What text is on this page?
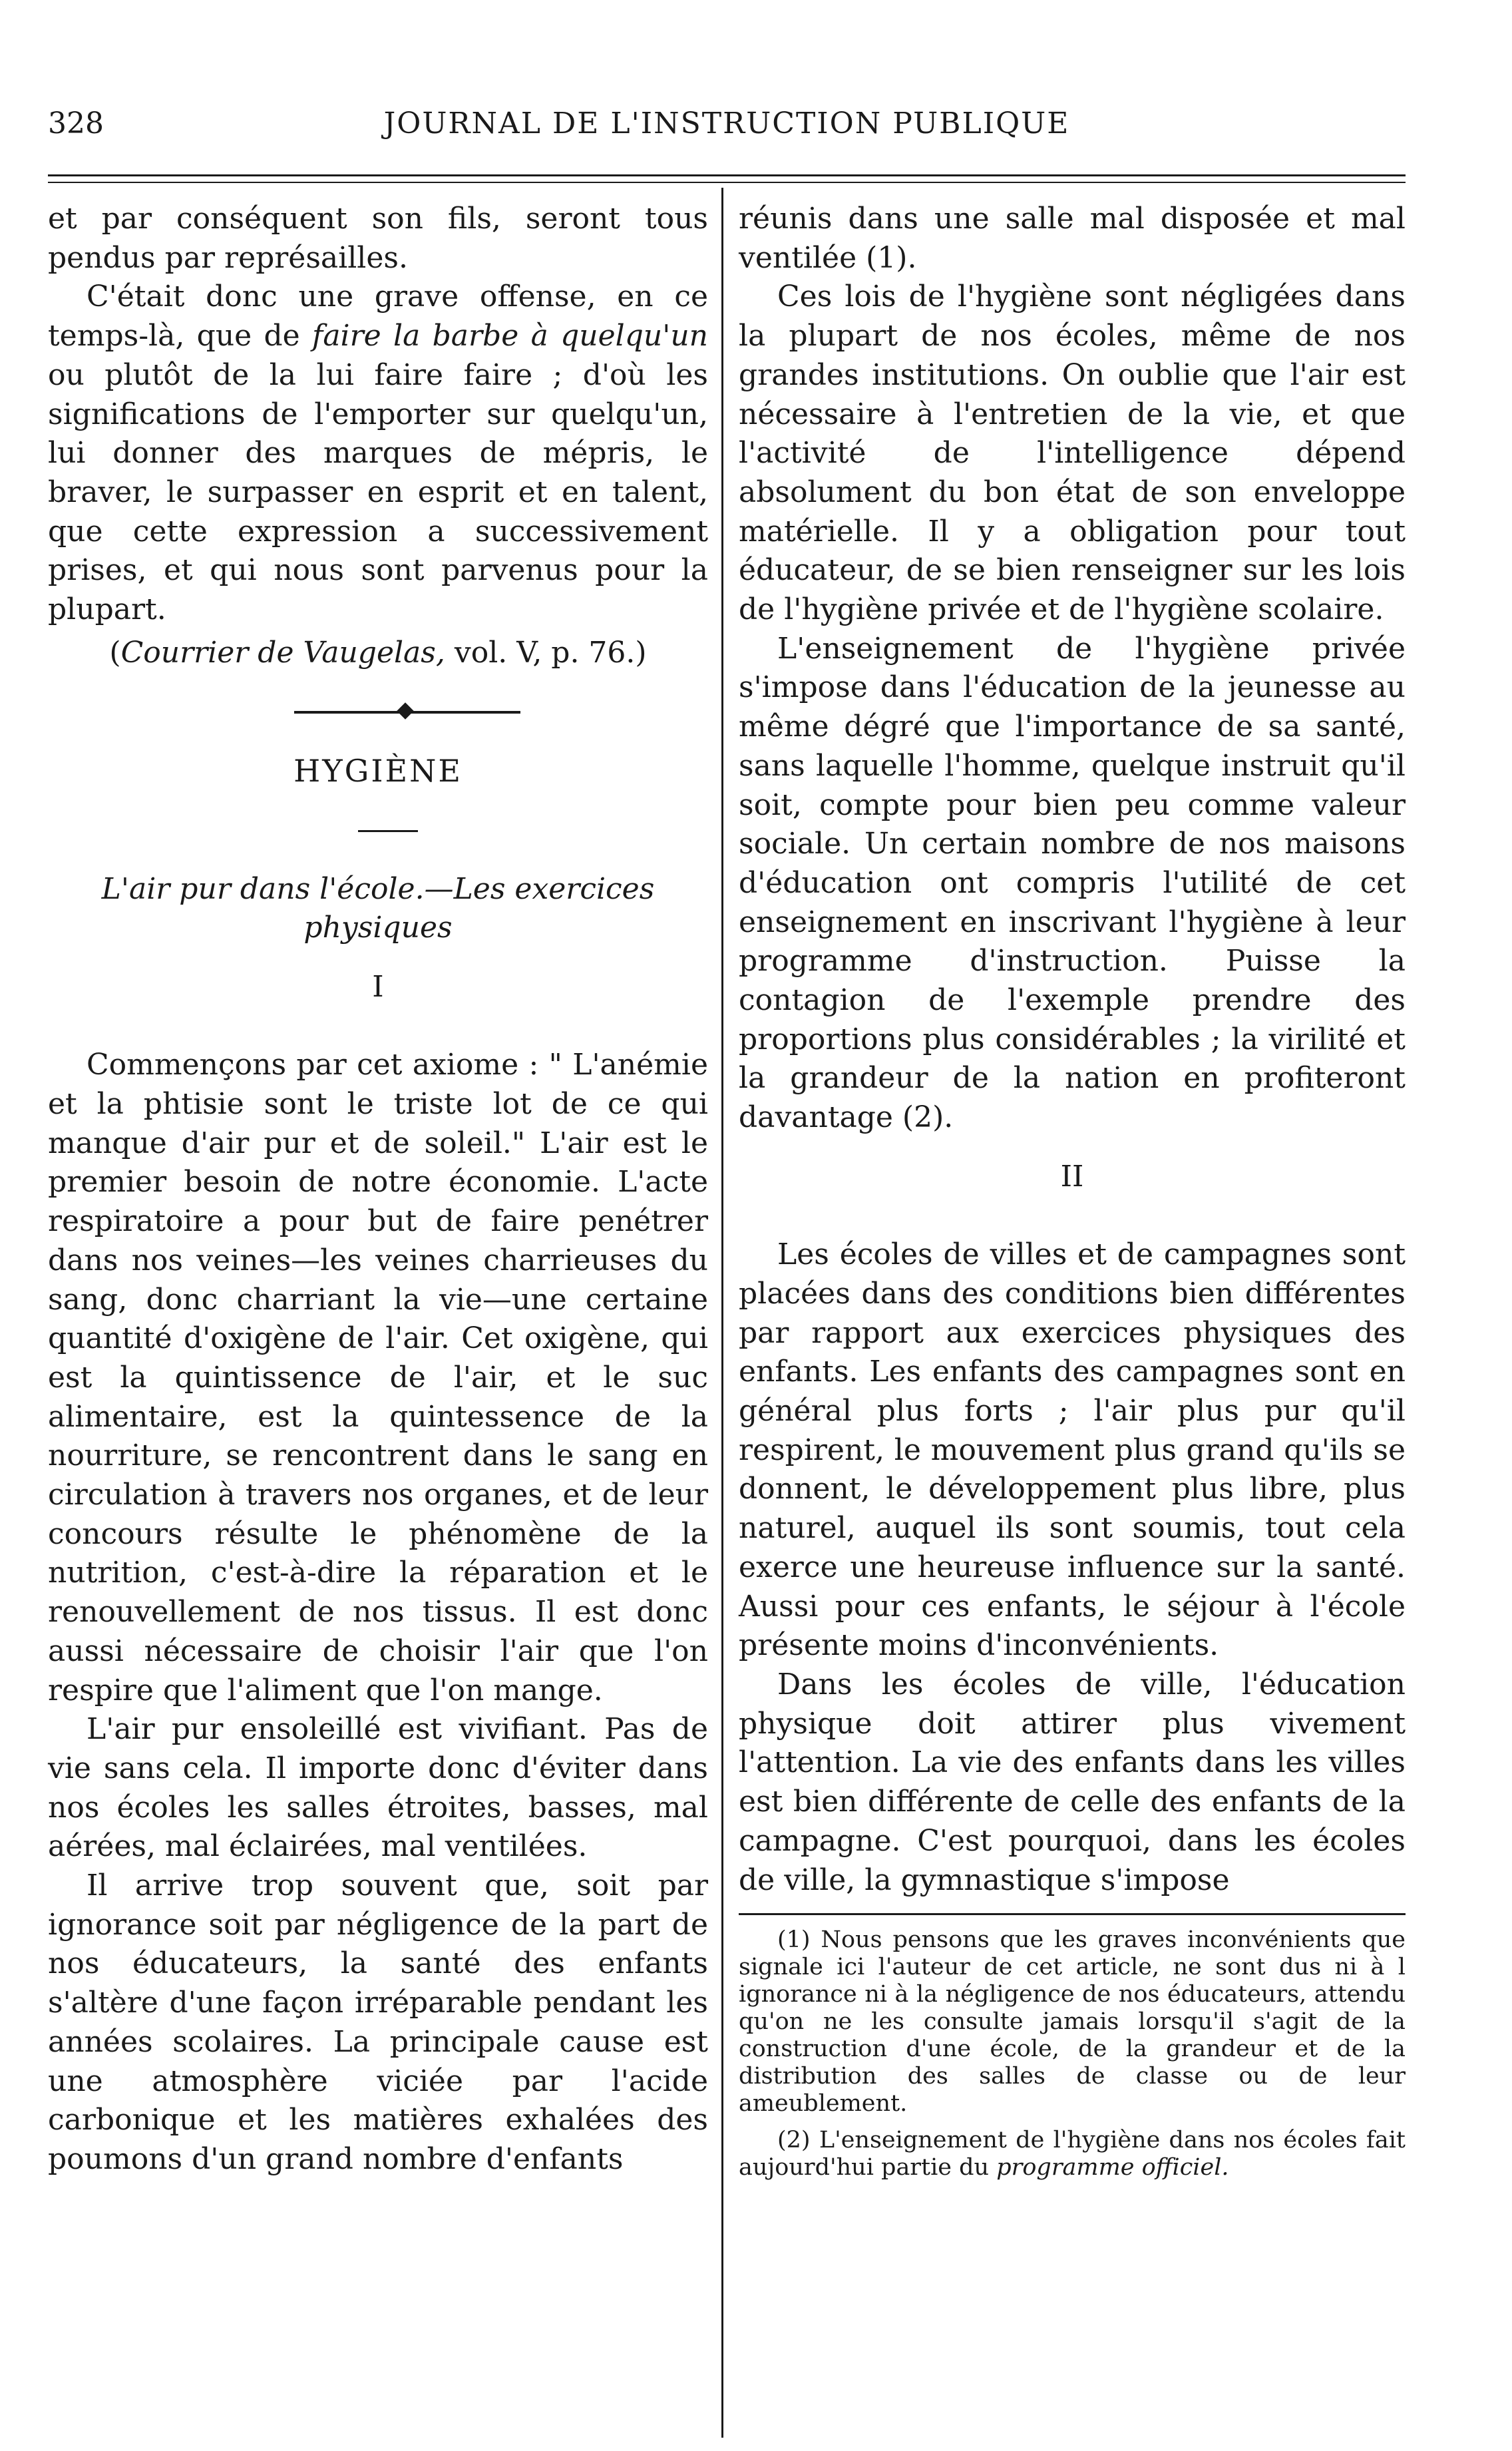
328	JOURNAL DE L'INSTRUCTION PUBLIQUE

et par conséquent son fils, seront tous pendus par représailles.

C'était donc une grave offense, en ce temps-là, que de faire la barbe à quelqu'un ou plutôt de la lui faire faire ; d'où les significations de l'emporter sur quelqu'un, lui donner des marques de mépris, le braver, le surpasser en esprit et en talent, que cette expression a successivement prises, et qui nous sont parvenus pour la plupart.

(Courrier de Vaugelas, vol. V, p. 76.)

HYGIÈNE

L'air pur dans l'école.—Les exercices physiques

I

Commençons par cet axiome : " L'anémie et la phtisie sont le triste lot de ce qui manque d'air pur et de soleil." L'air est le premier besoin de notre économie. L'acte respiratoire a pour but de faire penétrer dans nos veines—les veines charrieuses du sang, donc charriant la vie—une certaine quantité d'oxigène de l'air. Cet oxigène, qui est la quintissence de l'air, et le suc alimentaire, est la quintessence de la nourriture, se rencontrent dans le sang en circulation à travers nos organes, et de leur concours résulte le phénomène de la nutrition, c'est-à-dire la réparation et le renouvellement de nos tissus. Il est donc aussi nécessaire de choisir l'air que l'on respire que l'aliment que l'on mange.

L'air pur ensoleillé est vivifiant. Pas de vie sans cela. Il importe donc d'éviter dans nos écoles les salles étroites, basses, mal aérées, mal éclairées, mal ventilées.

Il arrive trop souvent que, soit par ignorance soit par négligence de la part de nos éducateurs, la santé des enfants s'altère d'une façon irréparable pendant les années scolaires. La principale cause est une atmosphère viciée par l'acide carbonique et les matières exhalées des poumons d'un grand nombre d'enfants

réunis dans une salle mal disposée et mal ventilée (1).

Ces lois de l'hygiène sont négligées dans la plupart de nos écoles, même de nos grandes institutions. On oublie que l'air est nécessaire à l'entretien de la vie, et que l'activité de l'intelligence dépend absolument du bon état de son enveloppe matérielle. Il y a obligation pour tout éducateur, de se bien renseigner sur les lois de l'hygiène privée et de l'hygiène scolaire.

L'enseignement de l'hygiène privée s'impose dans l'éducation de la jeunesse au même dégré que l'importance de sa santé, sans laquelle l'homme, quelque instruit qu'il soit, compte pour bien peu comme valeur sociale. Un certain nombre de nos maisons d'éducation ont compris l'utilité de cet enseignement en inscrivant l'hygiène à leur programme d'instruction. Puisse la contagion de l'exemple prendre des proportions plus considérables ; la virilité et la grandeur de la nation en profiteront davantage (2).

II

Les écoles de villes et de campagnes sont placées dans des conditions bien différentes par rapport aux exercices physiques des enfants. Les enfants des campagnes sont en général plus forts ; l'air plus pur qu'il respirent, le mouvement plus grand qu'ils se donnent, le développement plus libre, plus naturel, auquel ils sont soumis, tout cela exerce une heureuse influence sur la santé. Aussi pour ces enfants, le séjour à l'école présente moins d'inconvénients.

Dans les écoles de ville, l'éducation physique doit attirer plus vivement l'attention. La vie des enfants dans les villes est bien différente de celle des enfants de la campagne. C'est pourquoi, dans les écoles de ville, la gymnastique s'impose

(1) Nous pensons que les graves inconvénients que signale ici l'auteur de cet article, ne sont dus ni à l ignorance ni à la négligence de nos éducateurs, attendu qu'on ne les consulte jamais lorsqu'il s'agit de la construction d'une école, de la grandeur et de la distribution des salles de classe ou de leur ameublement.

(2) L'enseignement de l'hygiène dans nos écoles fait aujourd'hui partie du programme officiel.
